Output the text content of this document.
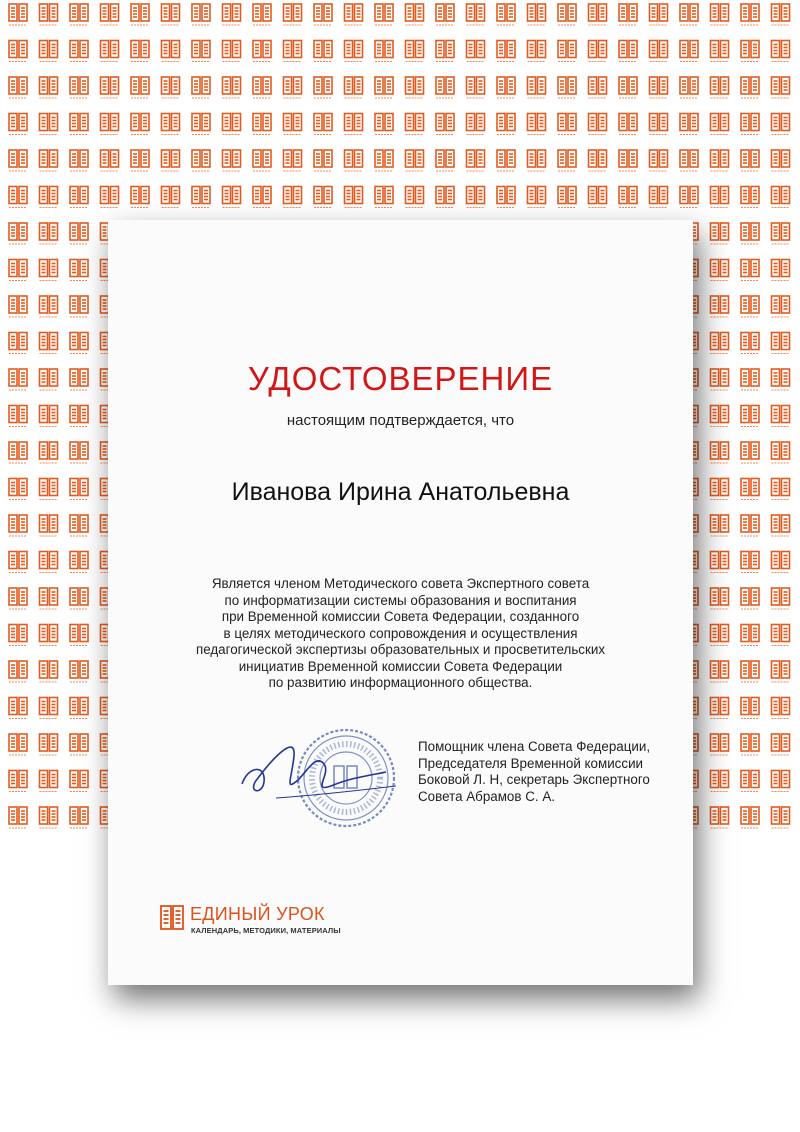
УДОСТОВЕРЕНИЕ
настоящим подтверждается, что
Иванова Ирина Анатольевна
Является членом Методического совета Экспертного совета
по информатизации системы образования и воспитания
при Временной комиссии Совета Федерации, созданного
в целях методического сопровождения и осуществления
педагогической экспертизы образовательных и просветительских
инициатив Временной комиссии Совета Федерации
по развитию информационного общества.
Помощник члена Совета Федерации,
Председателя Временной комиссии
Боковой Л. Н, секретарь Экспертного
Совета Абрамов С. А.
ЕДИНЫЙ УРОК
КАЛЕНДАРЬ, МЕТОДИКИ, МАТЕРИАЛЫ
